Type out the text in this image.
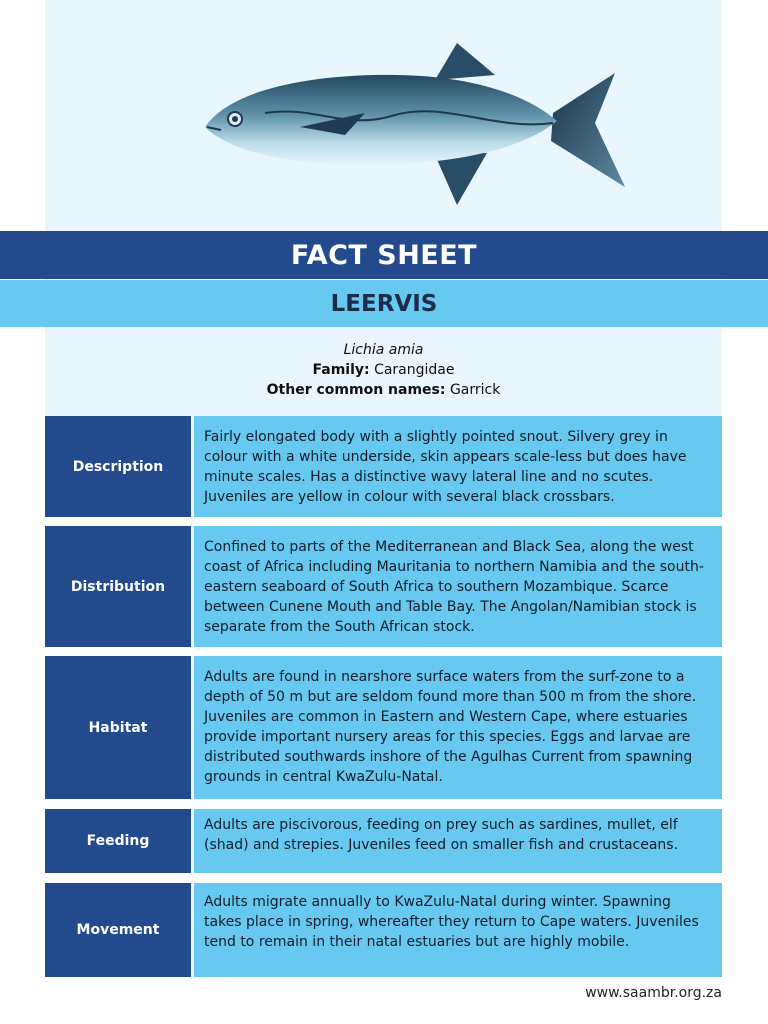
FACT SHEET
LEERVIS
Lichia amia
Family: Carangidae
Other common names: Garrick
Description
Fairly elongated body with a slightly pointed snout. Silvery grey in colour with a white underside, skin appears scale-less but does have minute scales. Has a distinctive wavy lateral line and no scutes. Juveniles are yellow in colour with several black crossbars.
Distribution
Confined to parts of the Mediterranean and Black Sea, along the west coast of Africa including Mauritania to northern Namibia and the south-eastern seaboard of South Africa to southern Mozambique. Scarce between Cunene Mouth and Table Bay. The Angolan/Namibian stock is separate from the South African stock.
Habitat
Adults are found in nearshore surface waters from the surf-zone to a depth of 50 m but are seldom found more than 500 m from the shore. Juveniles are common in Eastern and Western Cape, where estuaries provide important nursery areas for this species. Eggs and larvae are distributed southwards inshore of the Agulhas Current from spawning grounds in central KwaZulu-Natal.
Feeding
Adults are piscivorous, feeding on prey such as sardines, mullet, elf (shad) and strepies. Juveniles feed on smaller fish and crustaceans.
Movement
Adults migrate annually to KwaZulu-Natal during winter. Spawning takes place in spring, whereafter they return to Cape waters. Juveniles tend to remain in their natal estuaries but are highly mobile.
www.saambr.org.za
